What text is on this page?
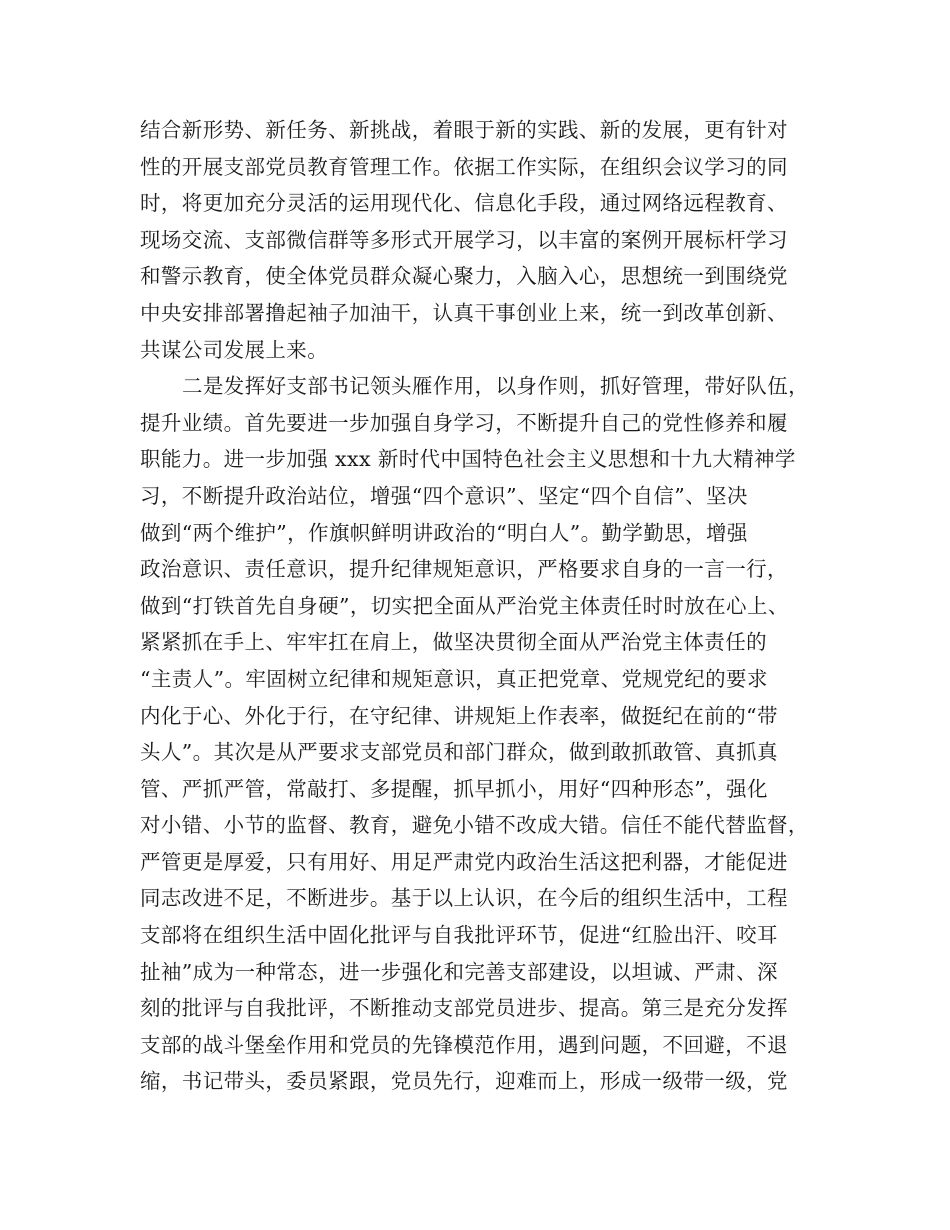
结合新形势、新任务、新挑战，着眼于新的实践、新的发展，更有针对
性的开展支部党员教育管理工作。依据工作实际，在组织会议学习的同
时，将更加充分灵活的运用现代化、信息化手段，通过网络远程教育、
现场交流、支部微信群等多形式开展学习，以丰富的案例开展标杆学习
和警示教育，使全体党员群众凝心聚力，入脑入心，思想统一到围绕党
中央安排部署撸起袖子加油干，认真干事创业上来，统一到改革创新、
共谋公司发展上来。
二是发挥好支部书记领头雁作用，以身作则，抓好管理，带好队伍，
提升业绩。首先要进一步加强自身学习，不断提升自己的党性修养和履
职能力。进一步加强 xxx 新时代中国特色社会主义思想和十九大精神学
习，不断提升政治站位，增强“四个意识”、坚定“四个自信”、坚决
做到“两个维护”，作旗帜鲜明讲政治的“明白人”。勤学勤思，增强
政治意识、责任意识，提升纪律规矩意识，严格要求自身的一言一行，
做到“打铁首先自身硬”，切实把全面从严治党主体责任时时放在心上、
紧紧抓在手上、牢牢扛在肩上，做坚决贯彻全面从严治党主体责任的
“主责人”。牢固树立纪律和规矩意识，真正把党章、党规党纪的要求
内化于心、外化于行，在守纪律、讲规矩上作表率，做挺纪在前的“带
头人”。其次是从严要求支部党员和部门群众，做到敢抓敢管、真抓真
管、严抓严管，常敲打、多提醒，抓早抓小，用好“四种形态”，强化
对小错、小节的监督、教育，避免小错不改成大错。信任不能代替监督，
严管更是厚爱，只有用好、用足严肃党内政治生活这把利器，才能促进
同志改进不足，不断进步。基于以上认识，在今后的组织生活中，工程
支部将在组织生活中固化批评与自我批评环节，促进“红脸出汗、咬耳
扯袖”成为一种常态，进一步强化和完善支部建设，以坦诚、严肃、深
刻的批评与自我批评，不断推动支部党员进步、提高。第三是充分发挥
支部的战斗堡垒作用和党员的先锋模范作用，遇到问题，不回避，不退
缩，书记带头，委员紧跟，党员先行，迎难而上，形成一级带一级，党
